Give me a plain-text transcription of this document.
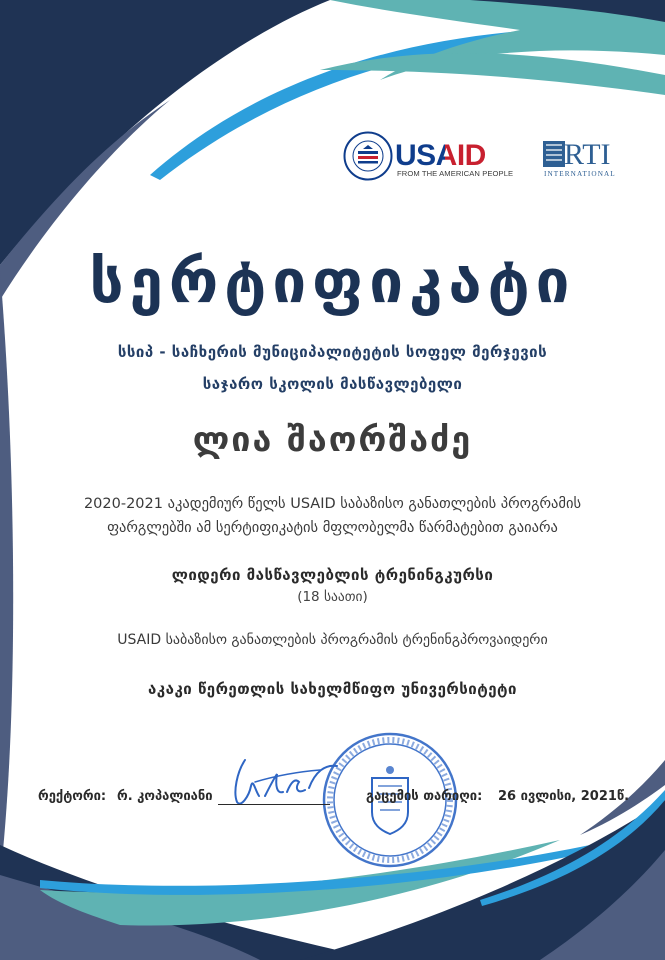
USAID
FROM THE AMERICAN PEOPLE
RTI
INTERNATIONAL
სერტიფიკატი
სსიპ - საჩხერის მუნიციპალიტეტის სოფელ მერჯევის
საჯარო სკოლის მასწავლებელი
ლია შაორშაძე
2020-2021 აკადემიურ წელს USAID საბაზისო განათლების პროგრამის
ფარგლებში ამ სერტიფიკატის მფლობელმა წარმატებით გაიარა
ლიდერი მასწავლებლის ტრენინგკურსი
(18 საათი)
USAID საბაზისო განათლების პროგრამის ტრენინგპროვაიდერი
აკაკი წერეთლის სახელმწიფო უნივერსიტეტი
რექტორი: რ. კოპალიანი	გაცემის თარიღი: 26 ივლისი, 2021წ.
